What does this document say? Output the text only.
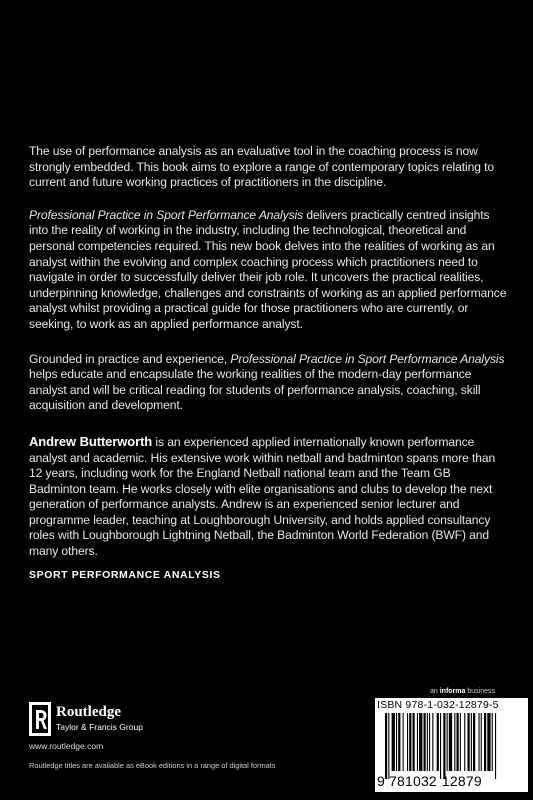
The use of performance analysis as an evaluative tool in the coaching process is now strongly embedded. This book aims to explore a range of contemporary topics relating to current and future working practices of practitioners in the discipline.

Professional Practice in Sport Performance Analysis delivers practically centred insights into the reality of working in the industry, including the technological, theoretical and personal competencies required. This new book delves into the realities of working as an analyst within the evolving and complex coaching process which practitioners need to navigate in order to successfully deliver their job role. It uncovers the practical realities, underpinning knowledge, challenges and constraints of working as an applied performance analyst whilst providing a practical guide for those practitioners who are currently, or seeking, to work as an applied performance analyst.

Grounded in practice and experience, Professional Practice in Sport Performance Analysis helps educate and encapsulate the working realities of the modern-day performance analyst and will be critical reading for students of performance analysis, coaching, skill acquisition and development.

Andrew Butterworth is an experienced applied internationally known performance analyst and academic. His extensive work within netball and badminton spans more than 12 years, including work for the England Netball national team and the Team GB Badminton team. He works closely with elite organisations and clubs to develop the next generation of performance analysts. Andrew is an experienced senior lecturer and programme leader, teaching at Loughborough University, and holds applied consultancy roles with Loughborough Lightning Netball, the Badminton World Federation (BWF) and many others.

SPORT PERFORMANCE ANALYSIS
Routledge
Taylor & Francis Group
www.routledge.com
Routledge titles are available as eBook editions in a range of digital formats
an informa business
ISBN 978-1-032-12879-5
9 781032 12879
